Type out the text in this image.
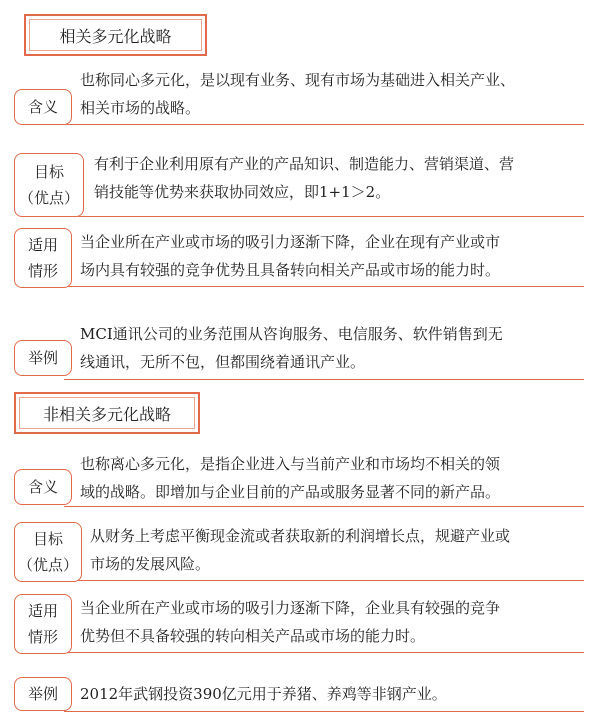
相关多元化战略
也称同心多元化，是以现有业务、现有市场为基础进入相关产业、
相关市场的战略。
含义
有利于企业利用原有产业的产品知识、制造能力、营销渠道、营
销技能等优势来获取协同效应，即1+1＞2。
目标
（优点）
当企业所在产业或市场的吸引力逐渐下降，企业在现有产业或市
场内具有较强的竞争优势且具备转向相关产品或市场的能力时。
适用
情形
MCI通讯公司的业务范围从咨询服务、电信服务、软件销售到无
线通讯，无所不包，但都围绕着通讯产业。
举例
非相关多元化战略
也称离心多元化，是指企业进入与当前产业和市场均不相关的领
域的战略。即增加与企业目前的产品或服务显著不同的新产品。
含义
从财务上考虑平衡现金流或者获取新的利润增长点，规避产业或
市场的发展风险。
目标
（优点）
当企业所在产业或市场的吸引力逐渐下降，企业具有较强的竞争
优势但不具备较强的转向相关产品或市场的能力时。
适用
情形
2012年武钢投资390亿元用于养猪、养鸡等非钢产业。
举例
